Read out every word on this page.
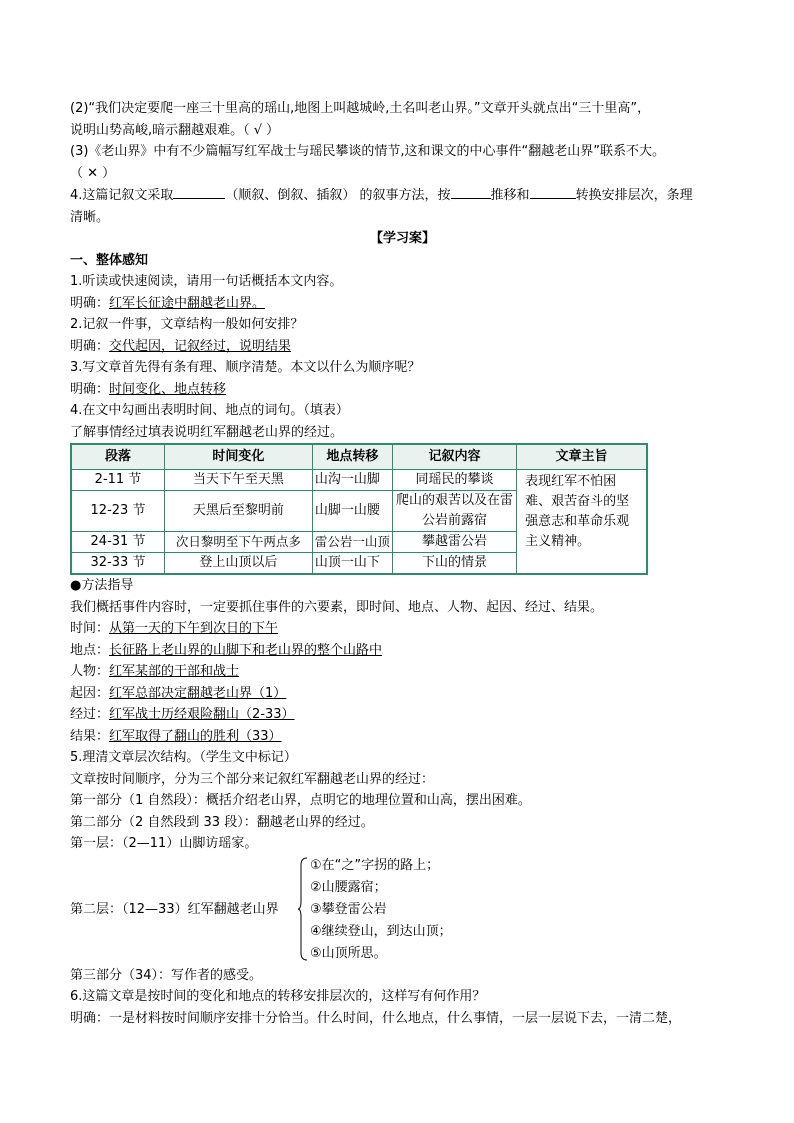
(2)“我们决定要爬一座三十里高的瑶山,地图上叫越城岭,土名叫老山界。”文章开头就点出“三十里高”，

说明山势高峻,暗示翻越艰难。（ √ ）

(3)《老山界》中有不少篇幅写红军战士与瑶民攀谈的情节,这和课文的中心事件“翻越老山界”联系不大。

（ ✕ ）

4.这篇记叙文采取	（顺叙、倒叙、插叙） 的叙事方法，按	推移和	转换安排层次，条理

清晰。

【学习案】

一、整体感知

1.听读或快速阅读，请用一句话概括本文内容。

明确：红军长征途中翻越老山界。

2.记叙一件事，文章结构一般如何安排？

明确：交代起因，记叙经过，说明结果

3.写文章首先得有条有理、顺序清楚。本文以什么为顺序呢？

明确：时间变化、地点转移

4.在文中勾画出表明时间、地点的词句。（填表）

了解事情经过填表说明红军翻越老山界的经过。

段落	时间变化	地点转移	记叙内容	文章主旨
2-11 节	当天下午至天黑	山沟一山脚	同瑶民的攀谈	表现红军不怕困难、艰苦奋斗的坚强意志和革命乐观主义精神。
12-23 节	天黑后至黎明前	山脚一山腰	爬山的艰苦以及在雷公岩前露宿	
24-31 节	次日黎明至下午两点多	雷公岩一山顶	攀越雷公岩	
32-33 节	登上山顶以后	山顶一山下	下山的情景	

●方法指导

我们概括事件内容时，一定要抓住事件的六要素，即时间、地点、人物、起因、经过、结果。

时间：从第一天的下午到次日的下午

地点：长征路上老山界的山脚下和老山界的整个山路中

人物：红军某部的干部和战士

起因：红军总部决定翻越老山界（1）

经过：红军战士历经艰险翻山（2-33）

结果：红军取得了翻山的胜利（33）

5.理清文章层次结构。（学生文中标记）

文章按时间顺序，分为三个部分来记叙红军翻越老山界的经过：

第一部分（1 自然段）：概括介绍老山界，点明它的地理位置和山高，摆出困难。

第二部分（2 自然段到 33 段）：翻越老山界的经过。

第一层：（2—11）山脚访瑶家。

第二层：（12—33）红军翻越老山界

①在“之”字拐的路上；

②山腰露宿；

③攀登雷公岩

④继续登山，到达山顶；

⑤山顶所思。

第三部分（34）：写作者的感受。

6.这篇文章是按时间的变化和地点的转移安排层次的，这样写有何作用？

明确：一是材料按时间顺序安排十分恰当。什么时间，什么地点，什么事情，一层一层说下去，一清二楚，
